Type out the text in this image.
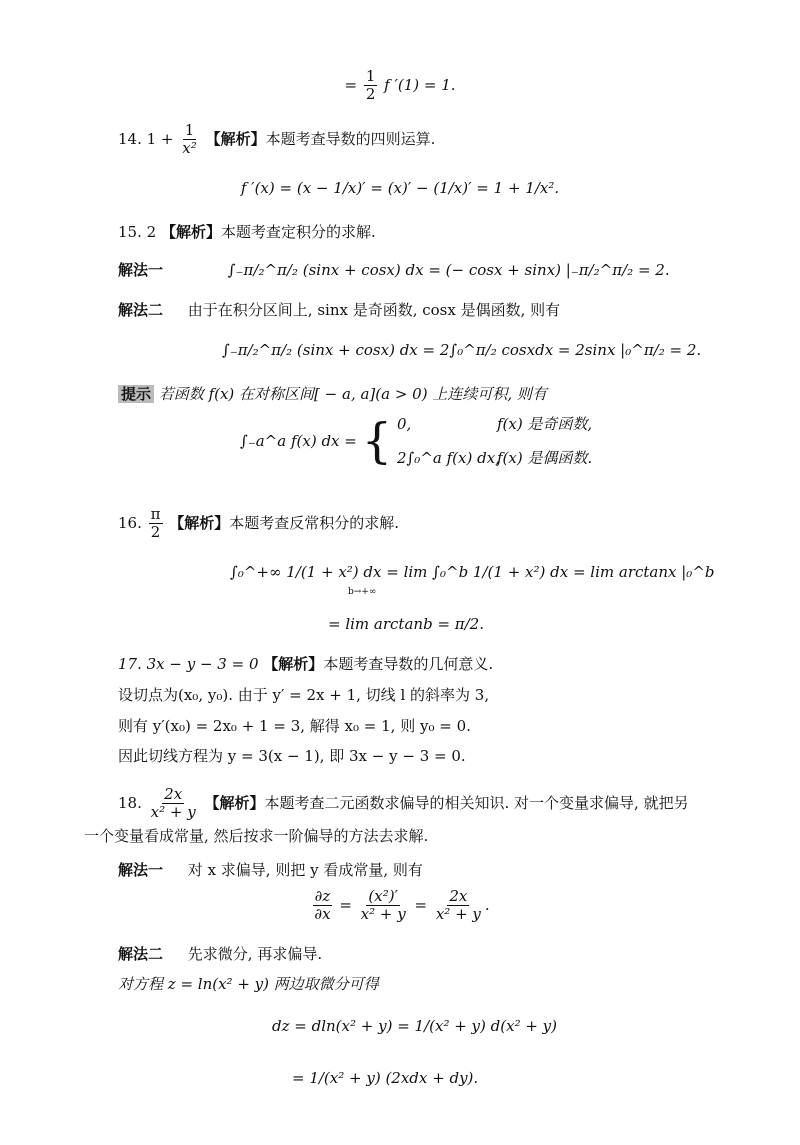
= $\frac{1}{2}$ f ′(1) = 1.
14. $1 + \frac{1}{\text{x²}}$ 【解析】本题考查导数的四则运算.
f ′(x) = (x − 1/x)′ = (x)′ − (1/x)′ = 1 + 1/x².
15. 2 【解析】本题考查定积分的求解.
解法一	∫₋π/₂^π/₂ (sinx + cosx) dx = (− cosx + sinx) |₋π/₂^π/₂ = 2.
解法二 由于在积分区间上, sinx 是奇函数, cosx 是偶函数, 则有
∫₋π/₂^π/₂ (sinx + cosx) dx = 2∫₀^π/₂ cosxdx = 2sinx |₀^π/₂ = 2.
提示 若函数 f(x) 在对称区间[ − a, a](a > 0) 上连续可积, 则有
∫₋a^a f(x) dx = { 0,	f(x) 是奇函数,
2∫₀^a f(x) dx,f(x) 是偶函数.
16. $\frac{\pi}{2}$ 【解析】本题考查反常积分的求解.
∫₀^+∞ 1/(1 + x²) dx = lim ∫₀^b 1/(1 + x²) dx = lim arctanx |₀^b
b→+∞
= lim arctanb = π/2.
17. 3x − y − 3 = 0 【解析】本题考查导数的几何意义.
设切点为(x₀, y₀). 由于 y′ = 2x + 1, 切线 l 的斜率为 3,
则有 y′(x₀) = 2x₀ + 1 = 3, 解得 x₀ = 1, 则 y₀ = 0.
因此切线方程为 y = 3(x − 1), 即 3x − y − 3 = 0.
18. $\frac{2x}{\text{x² + y}}$ 【解析】本题考查二元函数求偏导的相关知识. 对一个变量求偏导, 就把另
一个变量看成常量, 然后按求一阶偏导的方法去求解.
解法一 对 x 求偏导, 则把 y 看成常量, 则有
$\frac{\partial z}{\partial x} = \frac{\text{(x²)′}}{\text{x² + y}} = \frac{2x}{\text{x² + y}}$ .
解法二 先求微分, 再求偏导.
对方程 z = ln(x² + y) 两边取微分可得
dz = dln(x² + y) = 1/(x² + y) d(x² + y)
= 1/(x² + y) (2xdx + dy).
